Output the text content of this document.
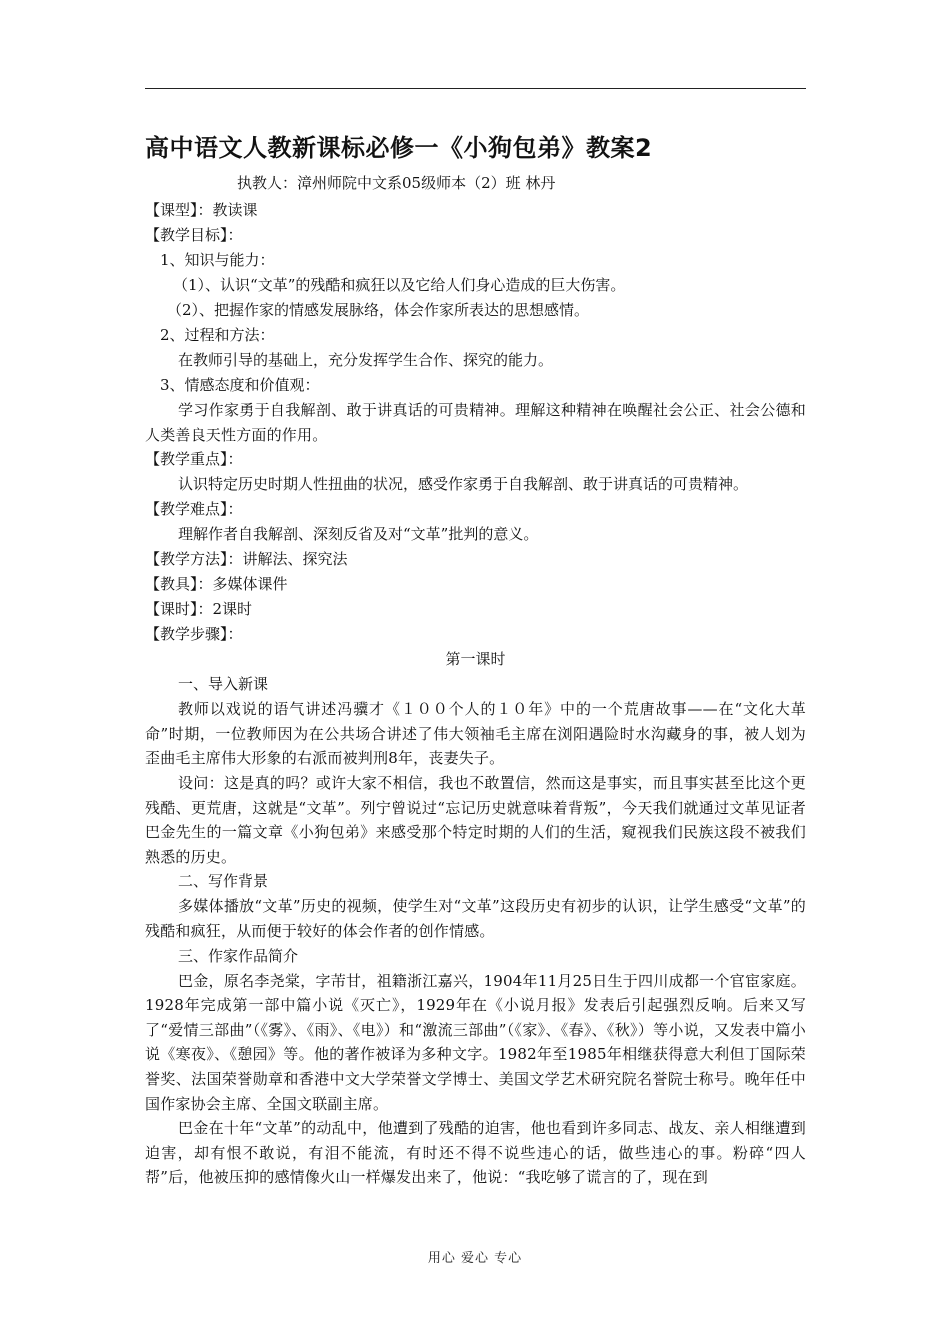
高中语文人教新课标必修一《小狗包弟》教案2

执教人：漳州师院中文系05级师本（2）班 林丹

【课型】：教读课

【教学目标】：

1、知识与能力：

（1）、认识“文革”的残酷和疯狂以及它给人们身心造成的巨大伤害。

（2）、把握作家的情感发展脉络，体会作家所表达的思想感情。

2、过程和方法：

在教师引导的基础上，充分发挥学生合作、探究的能力。

3、情感态度和价值观：

学习作家勇于自我解剖、敢于讲真话的可贵精神。理解这种精神在唤醒社会公正、社会公德和人类善良天性方面的作用。

【教学重点】：

认识特定历史时期人性扭曲的状况，感受作家勇于自我解剖、敢于讲真话的可贵精神。

【教学难点】：

理解作者自我解剖、深刻反省及对“文革”批判的意义。

【教学方法】：讲解法、探究法

【教具】：多媒体课件

【课时】：2课时

【教学步骤】：

第一课时

一、导入新课

教师以戏说的语气讲述冯骥才《１００个人的１０年》中的一个荒唐故事——在“文化大革命”时期，一位教师因为在公共场合讲述了伟大领袖毛主席在浏阳遇险时水沟藏身的事，被人划为歪曲毛主席伟大形象的右派而被判刑8年，丧妻失子。

设问：这是真的吗？或许大家不相信，我也不敢置信，然而这是事实，而且事实甚至比这个更残酷、更荒唐，这就是“文革”。列宁曾说过“忘记历史就意味着背叛”，今天我们就通过文革见证者巴金先生的一篇文章《小狗包弟》来感受那个特定时期的人们的生活，窥视我们民族这段不被我们熟悉的历史。

二、写作背景

多媒体播放“文革”历史的视频，使学生对“文革”这段历史有初步的认识，让学生感受“文革”的残酷和疯狂，从而便于较好的体会作者的创作情感。

三、作家作品简介

巴金，原名李尧棠，字芾甘，祖籍浙江嘉兴，1904年11月25日生于四川成都一个官宦家庭。1928年完成第一部中篇小说《灭亡》，1929年在《小说月报》发表后引起强烈反响。后来又写了“爱情三部曲”（《雾》、《雨》、《电》）和“激流三部曲”（《家》、《春》、《秋》）等小说，又发表中篇小说《寒夜》、《憩园》等。他的著作被译为多种文字。1982年至1985年相继获得意大利但丁国际荣誉奖、法国荣誉勋章和香港中文大学荣誉文学博士、美国文学艺术研究院名誉院士称号。晚年任中国作家协会主席、全国文联副主席。

巴金在十年“文革”的动乱中，他遭到了残酷的迫害，他也看到许多同志、战友、亲人相继遭到迫害，却有恨不敢说，有泪不能流，有时还不得不说些违心的话，做些违心的事。粉碎“四人帮”后，他被压抑的感情像火山一样爆发出来了，他说：“我吃够了谎言的了，现在到

用心 爱心 专心
